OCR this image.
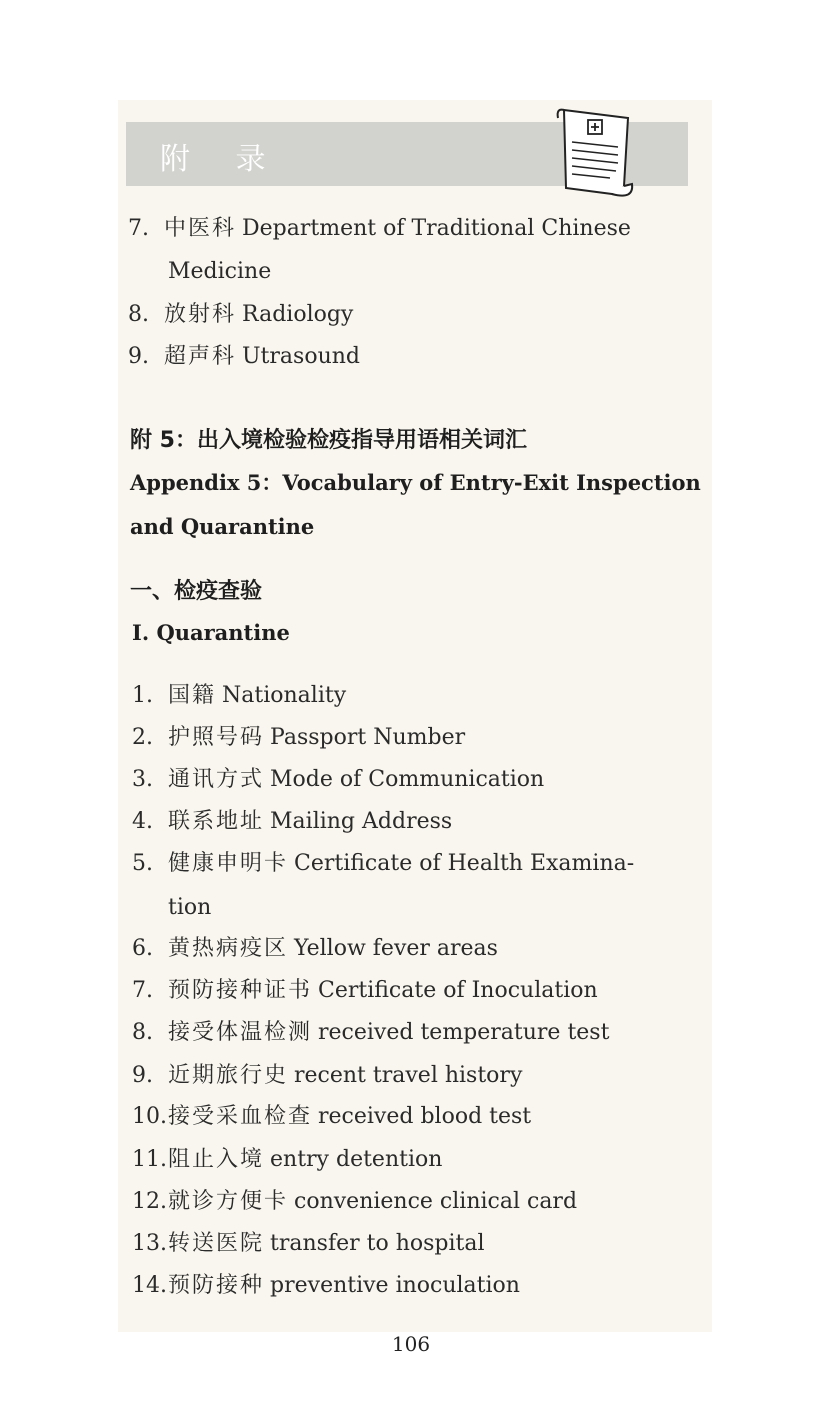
附 录
7. 中医科 Department of Traditional Chinese
Medicine
8. 放射科 Radiology
9. 超声科 Utrasound
附 5：出入境检验检疫指导用语相关词汇
Appendix 5：Vocabulary of Entry-Exit Inspection
and Quarantine
一、检疫查验
Ⅰ. Quarantine
1. 国籍 Nationality
2. 护照号码 Passport Number
3. 通讯方式 Mode of Communication
4. 联系地址 Mailing Address
5. 健康申明卡 Certificate of Health Examina-
tion
6. 黄热病疫区 Yellow fever areas
7. 预防接种证书 Certificate of Inoculation
8. 接受体温检测 received temperature test
9. 近期旅行史 recent travel history
10.接受采血检查 received blood test
11.阻止入境 entry detention
12.就诊方便卡 convenience clinical card
13.转送医院 transfer to hospital
14.预防接种 preventive inoculation
106
